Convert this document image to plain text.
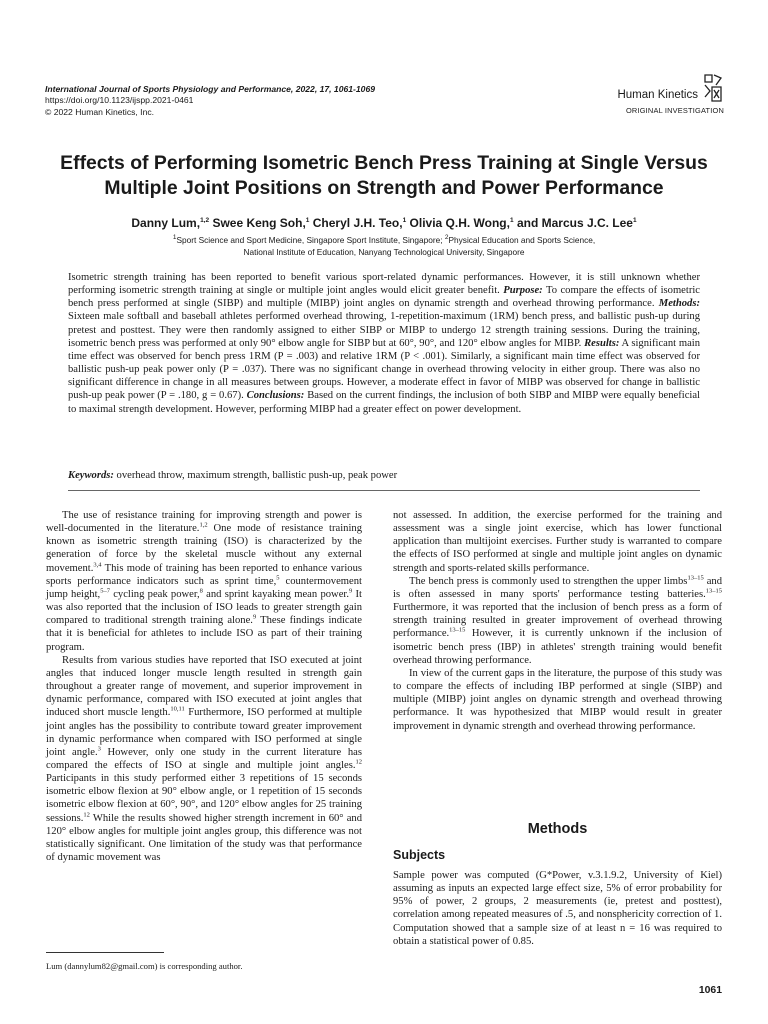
International Journal of Sports Physiology and Performance, 2022, 17, 1061-1069
https://doi.org/10.1123/ijspp.2021-0461
© 2022 Human Kinetics, Inc.
Human Kinetics
ORIGINAL INVESTIGATION
Effects of Performing Isometric Bench Press Training at Single Versus Multiple Joint Positions on Strength and Power Performance
Danny Lum,$^{1,2}$ Swee Keng Soh,$^1$ Cheryl J.H. Teo,$^1$ Olivia Q.H. Wong,$^1$ and Marcus J.C. Lee$^1$
$^1$Sport Science and Sport Medicine, Singapore Sport Institute, Singapore; $^2$Physical Education and Sports Science,
National Institute of Education, Nanyang Technological University, Singapore
Isometric strength training has been reported to benefit various sport-related dynamic performances. However, it is still unknown whether performing isometric strength training at single or multiple joint angles would elicit greater benefit. Purpose: To compare the effects of isometric bench press performed at single (SIBP) and multiple (MIBP) joint angles on dynamic strength and overhead throwing performance. Methods: Sixteen male softball and baseball athletes performed overhead throwing, 1-repetition-maximum (1RM) bench press, and ballistic push-up during pretest and posttest. They were then randomly assigned to either SIBP or MIBP to undergo 12 strength training sessions. During the training, isometric bench press was performed at only 90° elbow angle for SIBP but at 60°, 90°, and 120° elbow angles for MIBP. Results: A significant main time effect was observed for bench press 1RM (P = .003) and relative 1RM (P < .001). Similarly, a significant main time effect was observed for ballistic push-up peak power only (P = .037). There was no significant change in overhead throwing velocity in either group. There was also no significant difference in change in all measures between groups. However, a moderate effect in favor of MIBP was observed for change in ballistic push-up peak power (P = .180, g = 0.67). Conclusions: Based on the current findings, the inclusion of both SIBP and MIBP were equally beneficial to maximal strength development. However, performing MIBP had a greater effect on power development.
Keywords: overhead throw, maximum strength, ballistic push-up, peak power

The use of resistance training for improving strength and power is well-documented in the literature.$^{1,2}$ One mode of resistance training known as isometric strength training (ISO) is characterized by the generation of force by the skeletal muscle without any external movement.$^{3,4}$ This mode of training has been reported to enhance various sports performance indicators such as sprint time,$^5$ countermovement jump height,$^{5-7}$ cycling peak power,$^8$ and sprint kayaking mean power.$^9$ It was also reported that the inclusion of ISO leads to greater strength gain compared to traditional strength training alone.$^9$ These findings indicate that it is beneficial for athletes to include ISO as part of their training program.

Results from various studies have reported that ISO executed at joint angles that induced longer muscle length resulted in strength gain throughout a greater range of movement, and superior improvement in dynamic performance, compared with ISO executed at joint angles that induced short muscle length.$^{10,11}$ Furthermore, ISO performed at multiple joint angles has the possibility to contribute toward greater improvement in dynamic performance when compared with ISO performed at single joint angle.$^3$ However, only one study in the current literature has compared the effects of ISO at single and multiple joint angles.$^{12}$ Participants in this study performed either 3 repetitions of 15 seconds isometric elbow flexion at 90° elbow angle, or 1 repetition of 15 seconds isometric elbow flexion at 60°, 90°, and 120° elbow angles for 25 training sessions.$^{12}$ While the results showed higher strength increment in 60° and 120° elbow angles for multiple joint angles group, this difference was not statistically significant. One limitation of the study was that performance of dynamic movement was

not assessed. In addition, the exercise performed for the training and assessment was a single joint exercise, which has lower functional application than multijoint exercises. Further study is warranted to compare the effects of ISO performed at single and multiple joint angles on dynamic strength and sports-related skills performance.

The bench press is commonly used to strengthen the upper limbs$^{13-15}$ and is often assessed in many sports' performance testing batteries.$^{13-15}$ Furthermore, it was reported that the inclusion of bench press as a form of strength training resulted in greater improvement of overhead throwing performance.$^{13-15}$ However, it is currently unknown if the inclusion of isometric bench press (IBP) in athletes' strength training would benefit overhead throwing performance.

In view of the current gaps in the literature, the purpose of this study was to compare the effects of including IBP performed at single (SIBP) and multiple (MIBP) joint angles on dynamic strength and overhead throwing performance. It was hypothesized that MIBP would result in greater improvement in dynamic strength and overhead throwing performance.

Methods
Subjects

Sample power was computed (G*Power, v.3.1.9.2, University of Kiel) assuming as inputs an expected large effect size, 5% of error probability for 95% of power, 2 groups, 2 measurements (ie, pretest and posttest), correlation among repeated measures of .5, and nonsphericity correction of 1. Computation showed that a sample size of at least n = 16 was required to obtain a statistical power of 0.85.

Lum (dannylum82@gmail.com) is corresponding author.
1061
